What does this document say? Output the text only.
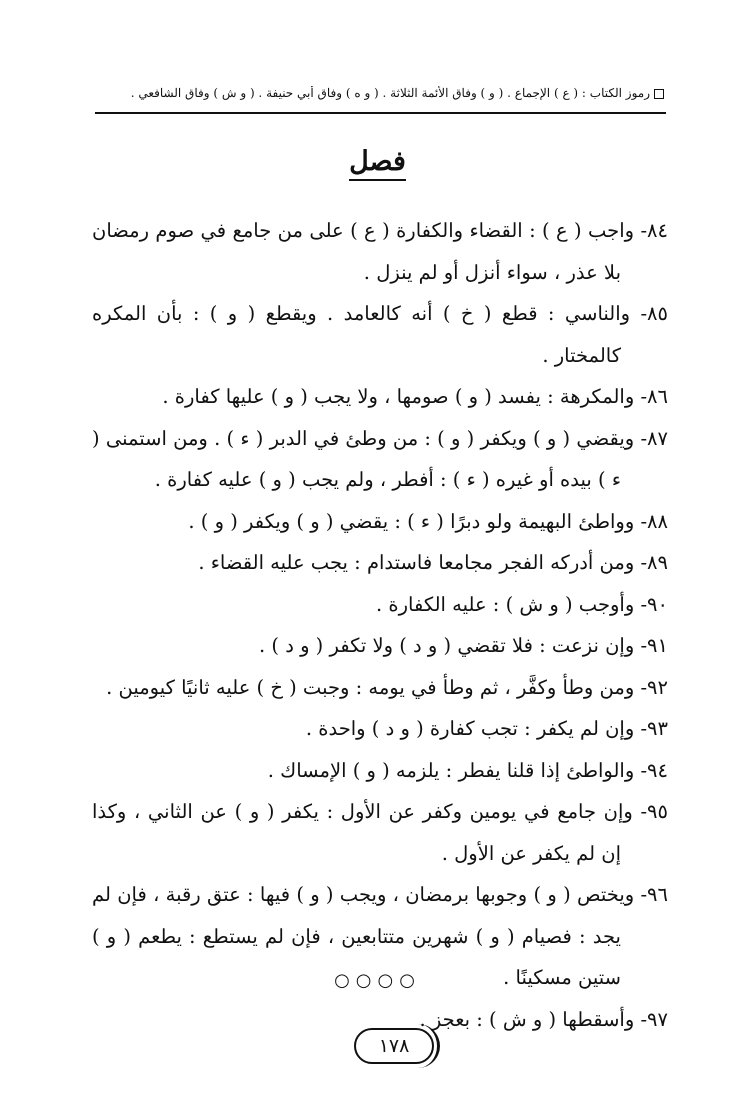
رموز الكتاب : ( ع ) الإجماع . ( و ) وفاق الأئمة الثلاثة . ( و ه ) وفاق أبي حنيفة . ( و ش ) وفاق الشافعي .
فصل

٨٤- واجب ( ع ) : القضاء والكفارة ( ع ) على من جامع في صوم رمضان بلا عذر ، سواء أنزل أو لم ينزل .

٨٥- والناسي : قطع ( خ ) أنه كالعامد . ويقطع ( و ) : بأن المكره كالمختار .

٨٦- والمكرهة : يفسد ( و ) صومها ، ولا يجب ( و ) عليها كفارة .

٨٧- ويقضي ( و ) ويكفر ( و ) : من وطئ في الدبر ( ء ) . ومن استمنى ( ء ) بيده أو غيره ( ء ) : أفطر ، ولم يجب ( و ) عليه كفارة .

٨٨- وواطئ البهيمة ولو دبرًا ( ء ) : يقضي ( و ) ويكفر ( و ) .

٨٩- ومن أدركه الفجر مجامعا فاستدام : يجب عليه القضاء .

٩٠- وأوجب ( و ش ) : عليه الكفارة .

٩١- وإن نزعت : فلا تقضي ( و د ) ولا تكفر ( و د ) .

٩٢- ومن وطأ وكفَّر ، ثم وطأ في يومه : وجبت ( خ ) عليه ثانيًا كيومين .

٩٣- وإن لم يكفر : تجب كفارة ( و د ) واحدة .

٩٤- والواطئ إذا قلنا يفطر : يلزمه ( و ) الإمساك .

٩٥- وإن جامع في يومين وكفر عن الأول : يكفر ( و ) عن الثاني ، وكذا إن لم يكفر عن الأول .

٩٦- ويختص ( و ) وجوبها برمضان ، ويجب ( و ) فيها : عتق رقبة ، فإن لم يجد : فصيام ( و ) شهرين متتابعين ، فإن لم يستطع : يطعم ( و ) ستين مسكينًا .

٩٧- وأسقطها ( و ش ) : بعجز .

○○○○
١٧٨
